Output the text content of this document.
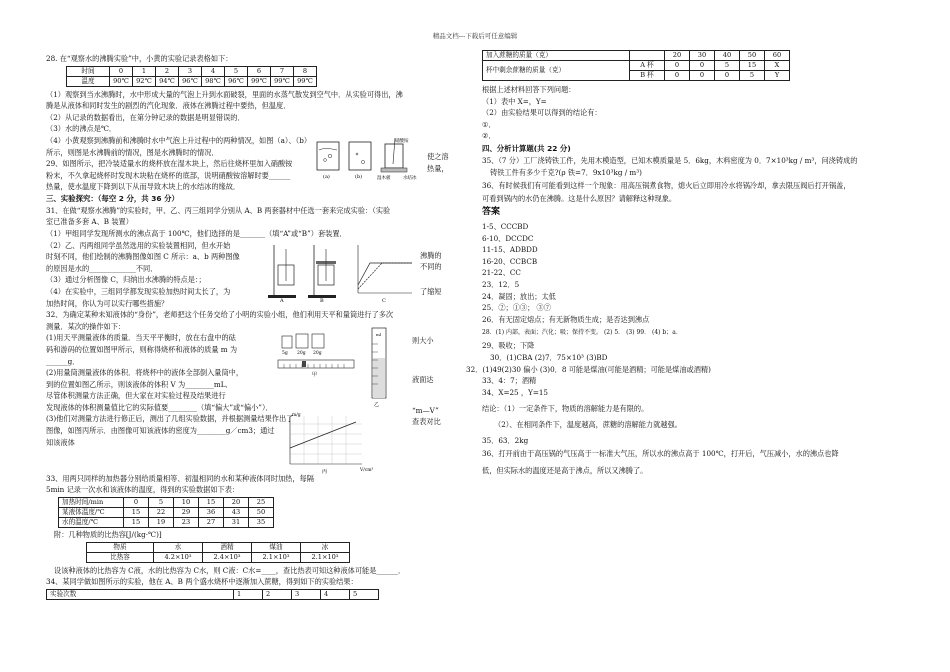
精品文档---下载后可任意编辑

28. 在“观察水的沸腾实验”中，小黄的实验记录表格如下：

时间	0	1	2	3	4	5	6	7	8
温度	90℃	92℃	94℃	96℃	98℃	96℃	99℃	99℃	99℃

（1）观察到当水沸腾时，水中形成大量的气泡上升到水面破裂，里面的水蒸气散发到空气中．从实验可得出，沸

腾是从液体和同时发生的剧烈的汽化现象．液体在沸腾过程中要热，但温度．

（2）从记录的数据看出，在第分钟记录的数据是明显错误的．

（3）水的沸点是℃．

（4）小黄观察到沸腾前和沸腾时水中气泡上升过程中的两种情况，如图（a）、（b）

所示，则图是水沸腾前的情况，图是水沸腾时的情况．

29、如图所示，把冷装适量水的烧杯放在湿木块上，然后往烧杯里加入硝酸铵

粉末，不久拿起烧杯时发现木块粘在烧杯的底部，说明硝酸铵溶解时要______

热量，使水温度下降到以下从而导致木块上的水结冰的缘故．

(a)	(b)	湿木板
硝酸铵
水结冰

使之溶

热量，

三、实验探究：（每空 2 分，共 36 分）

31、在做“观察水沸腾”的实验时，甲、乙、丙三组同学分别从 A、B 两套器材中任选一套来完成实验：（实验

室已准备多套 A、B 装置）

（1）甲组同学发现所测水的沸点高于 100℃，他们选择的是_______（填“A”或“B”）套装置．

（2）乙、丙两组同学虽然选用的实验装置相同，但水开始

时刻不同，他们绘制的沸腾图像如图 C 所示：a、b 两种图像

的原因是水的_____________不同．

（3）通过分析图像 C，归纳出水沸腾的特点是：；

（4）在实验中，三组同学都发现实验加热时间太长了，为

加热时间，你认为可以实行哪些措施？	A	B	C

沸腾的

不同的

了缩短

32、为确定某种未知液体的“身份”，老师把这个任务交给了小明的实验小组，他们利用天平和量筒进行了多次

测量．某次的操作如下：

(1)用天平测量液体的质量．当天平平衡时，放在右盘中的砝

码和游码的位置如图甲所示，则称得烧杯和液体的质量 m 为

______g．

(2)用量筒测量液体的体积．将烧杯中的液体全部倒入量筒中，

到的位置如图乙所示，则该液体的体积 V 为________mL．

尽管体积测量方法正确，但大家在对实验过程及结果进行

发现液体的体积测量值比它的实际值要________（填“偏大”或“偏小”）．

(3)他们对测量方法进行修正后，测出了几组实验数据，并根据测量结果作出了

图像，如图丙所示．由图像可知该液体的密度为________g／cm3；通过

知该液体

5g 20g 20g
甲
ml
乙
m/g
V/cm³
丙

则大小

液面达

“m—V”

查表对比

33、用两只同样的加热器分别给质量相等、初温相同的水和某种液体同时加热，每隔

5min 记录一次水和该液体的温度，得到的实验数据如下表：

加热时间/min	0	5	10	15	20	25
某液体温度/℃	15	22	29	36	43	50
水的温度/℃	15	19	23	27	31	35

附：几种物质的比热容[J/(kg·℃)]

物质	水	酒精	煤油	冰
比热容	4.2×10³	2.4×10³	2.1×10³	2.1×10³

设该种液体的比热容为 C液，水的比热容为 C水，则 C液：C水=____，查比热表可知这种液体可能是______．

34、某同学做如图所示的实验，他在 A、B 两个盛水烧杯中逐渐加入蔗糖，得到如下的实验结果：

实验次数	1	2	3	4	5
加入蔗糖的质量（克）		20	30	40	50	60
杯中剩余蔗糖的质量（克）	A 杯	0	0	5	15	X
	B 杯	0	0	0	5	Y

根据上述材料回答下列问题：

（1）表中 X=，Y=

（2）由实验结果可以得到的结论有：

①．

②．

四、分析计算题(共 22 分)

35、（7 分）工厂浇铸铁工件，先用木模造型，已知木模质量是 5．6kg，木料密度为 0．7×10³kg / m³，问浇铸成的

铸铁工件有多少千克?(ρ 铁=7．9x10³kg / m³)

36、有时候我们有可能看到这样一个现象：用高压锅煮食物，熄火后立即用冷水将锅冷却，拿去限压阀后打开锅盖，

可看到锅内的水仍在沸腾。这是什么原因？请解释这种现象。

答案

1-5、CCCBD

6-10、DCCDC

11-15、ADBDD

16-20、CCBCB

21-22、CC

23．12．5

24．凝固；放出；太低

25．②；①③； ③⑦

26．有无固定熔点；有无新物质生成；是否达到沸点

28．(1) 内部，表面；汽化；吸；保持不变。 (2) 5． (3) 99． (4) b；a．

29、吸收；下降

30．(1)CBA (2)7．75×10³ (3)BD

32．(1)49(2)30 偏小 (3)0．8 可能是煤油(可能是酒精；可能是煤油或酒精)

33、4：7；酒精

34、X=25 ，Y=15

结论：（1）一定条件下，物质的溶解能力是有限的。

（2）、在相同条件下，温度越高，蔗糖的溶解能力就越强。

35．63．2kg

36、打开前由于高压锅的气压高于一标准大气压，所以水的沸点高于 100℃，打开后，气压减小，水的沸点也降

低，但实际水的温度还是高于沸点，所以又沸腾了。
